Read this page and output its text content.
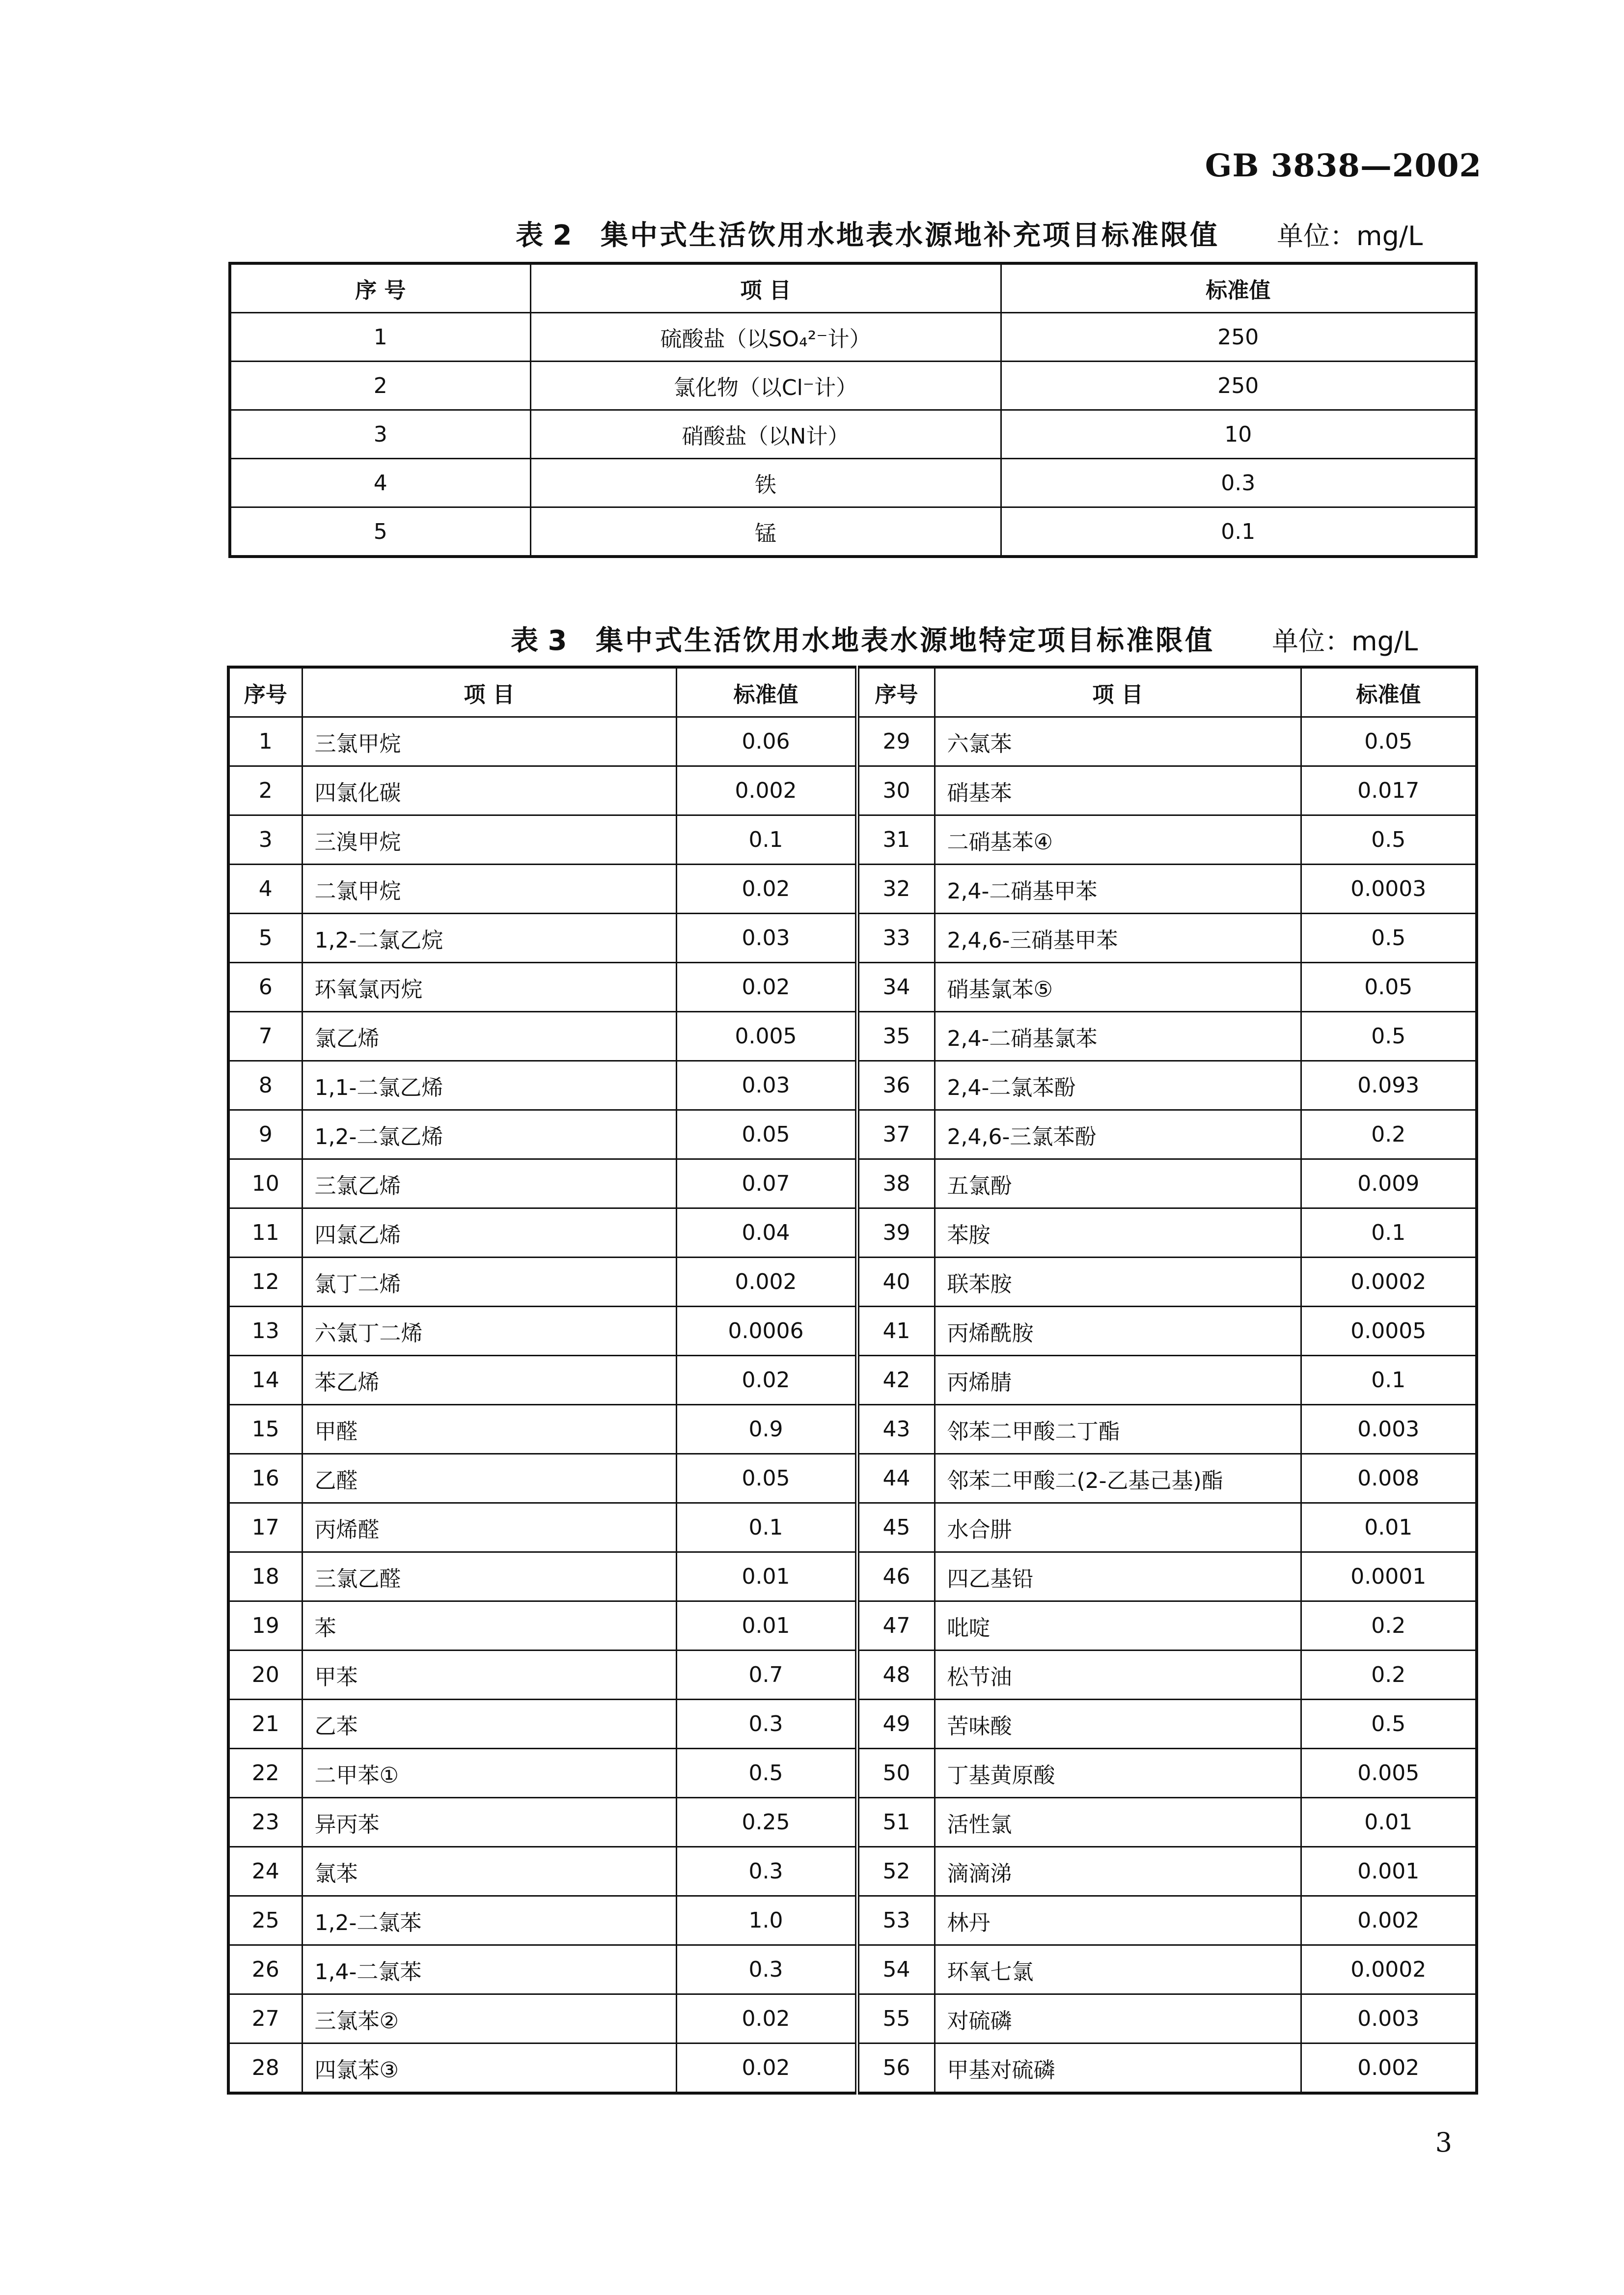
GB 3838—2002
表 2 集中式生活饮用水地表水源地补充项目标准限值 单位：mg/L
序 号	项 目	标准值
1	硫酸盐（以SO₄²⁻计）	250
2	氯化物（以Cl⁻计）	250
3	硝酸盐（以N计）	10
4	铁	0.3
5	锰	0.1
表 3 集中式生活饮用水地表水源地特定项目标准限值 单位：mg/L
序号	项 目	标准值	序号	项 目	标准值
1	三氯甲烷	0.06	29	六氯苯	0.05
2	四氯化碳	0.002	30	硝基苯	0.017
3	三溴甲烷	0.1	31	二硝基苯④	0.5
4	二氯甲烷	0.02	32	2,4-二硝基甲苯	0.0003
5	1,2-二氯乙烷	0.03	33	2,4,6-三硝基甲苯	0.5
6	环氧氯丙烷	0.02	34	硝基氯苯⑤	0.05
7	氯乙烯	0.005	35	2,4-二硝基氯苯	0.5
8	1,1-二氯乙烯	0.03	36	2,4-二氯苯酚	0.093
9	1,2-二氯乙烯	0.05	37	2,4,6-三氯苯酚	0.2
10	三氯乙烯	0.07	38	五氯酚	0.009
11	四氯乙烯	0.04	39	苯胺	0.1
12	氯丁二烯	0.002	40	联苯胺	0.0002
13	六氯丁二烯	0.0006	41	丙烯酰胺	0.0005
14	苯乙烯	0.02	42	丙烯腈	0.1
15	甲醛	0.9	43	邻苯二甲酸二丁酯	0.003
16	乙醛	0.05	44	邻苯二甲酸二(2-乙基己基)酯	0.008
17	丙烯醛	0.1	45	水合肼	0.01
18	三氯乙醛	0.01	46	四乙基铅	0.0001
19	苯	0.01	47	吡啶	0.2
20	甲苯	0.7	48	松节油	0.2
21	乙苯	0.3	49	苦味酸	0.5
22	二甲苯①	0.5	50	丁基黄原酸	0.005
23	异丙苯	0.25	51	活性氯	0.01
24	氯苯	0.3	52	滴滴涕	0.001
25	1,2-二氯苯	1.0	53	林丹	0.002
26	1,4-二氯苯	0.3	54	环氧七氯	0.0002
27	三氯苯②	0.02	55	对硫磷	0.003
28	四氯苯③	0.02	56	甲基对硫磷	0.002
3
